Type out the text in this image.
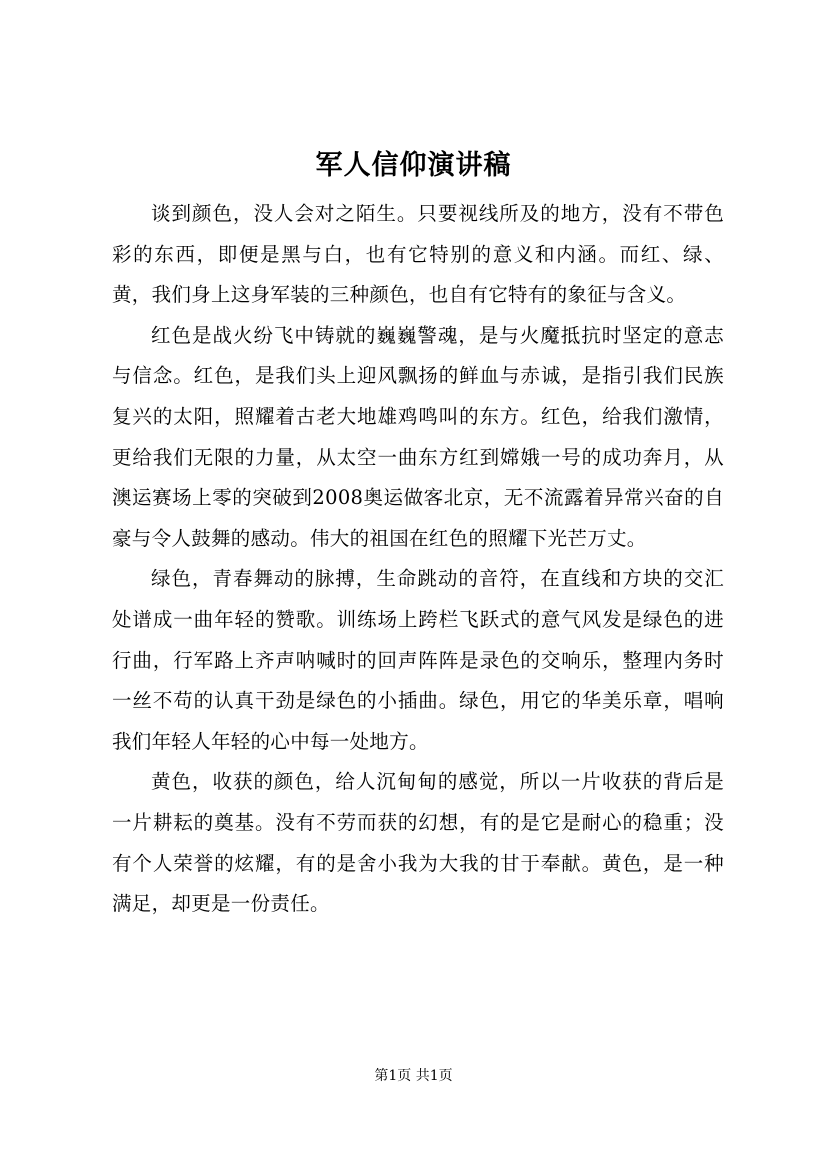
军人信仰演讲稿

谈到颜色，没人会对之陌生。只要视线所及的地方，没有不带色彩的东西，即便是黑与白，也有它特别的意义和内涵。而红、绿、黄，我们身上这身军装的三种颜色，也自有它特有的象征与含义。

红色是战火纷飞中铸就的巍巍警魂，是与火魔抵抗时坚定的意志与信念。红色，是我们头上迎风飘扬的鲜血与赤诚，是指引我们民族复兴的太阳，照耀着古老大地雄鸡鸣叫的东方。红色，给我们激情，更给我们无限的力量，从太空一曲东方红到嫦娥一号的成功奔月，从澳运赛场上零的突破到2008奥运做客北京，无不流露着异常兴奋的自豪与令人鼓舞的感动。伟大的祖国在红色的照耀下光芒万丈。

绿色，青春舞动的脉搏，生命跳动的音符，在直线和方块的交汇处谱成一曲年轻的赞歌。训练场上跨栏飞跃式的意气风发是绿色的进行曲，行军路上齐声呐喊时的回声阵阵是录色的交响乐，整理内务时一丝不苟的认真干劲是绿色的小插曲。绿色，用它的华美乐章，唱响我们年轻人年轻的心中每一处地方。

黄色，收获的颜色，给人沉甸甸的感觉，所以一片收获的背后是一片耕耘的奠基。没有不劳而获的幻想，有的是它是耐心的稳重；没有个人荣誉的炫耀，有的是舍小我为大我的甘于奉献。黄色，是一种满足，却更是一份责任。

第1页 共1页
